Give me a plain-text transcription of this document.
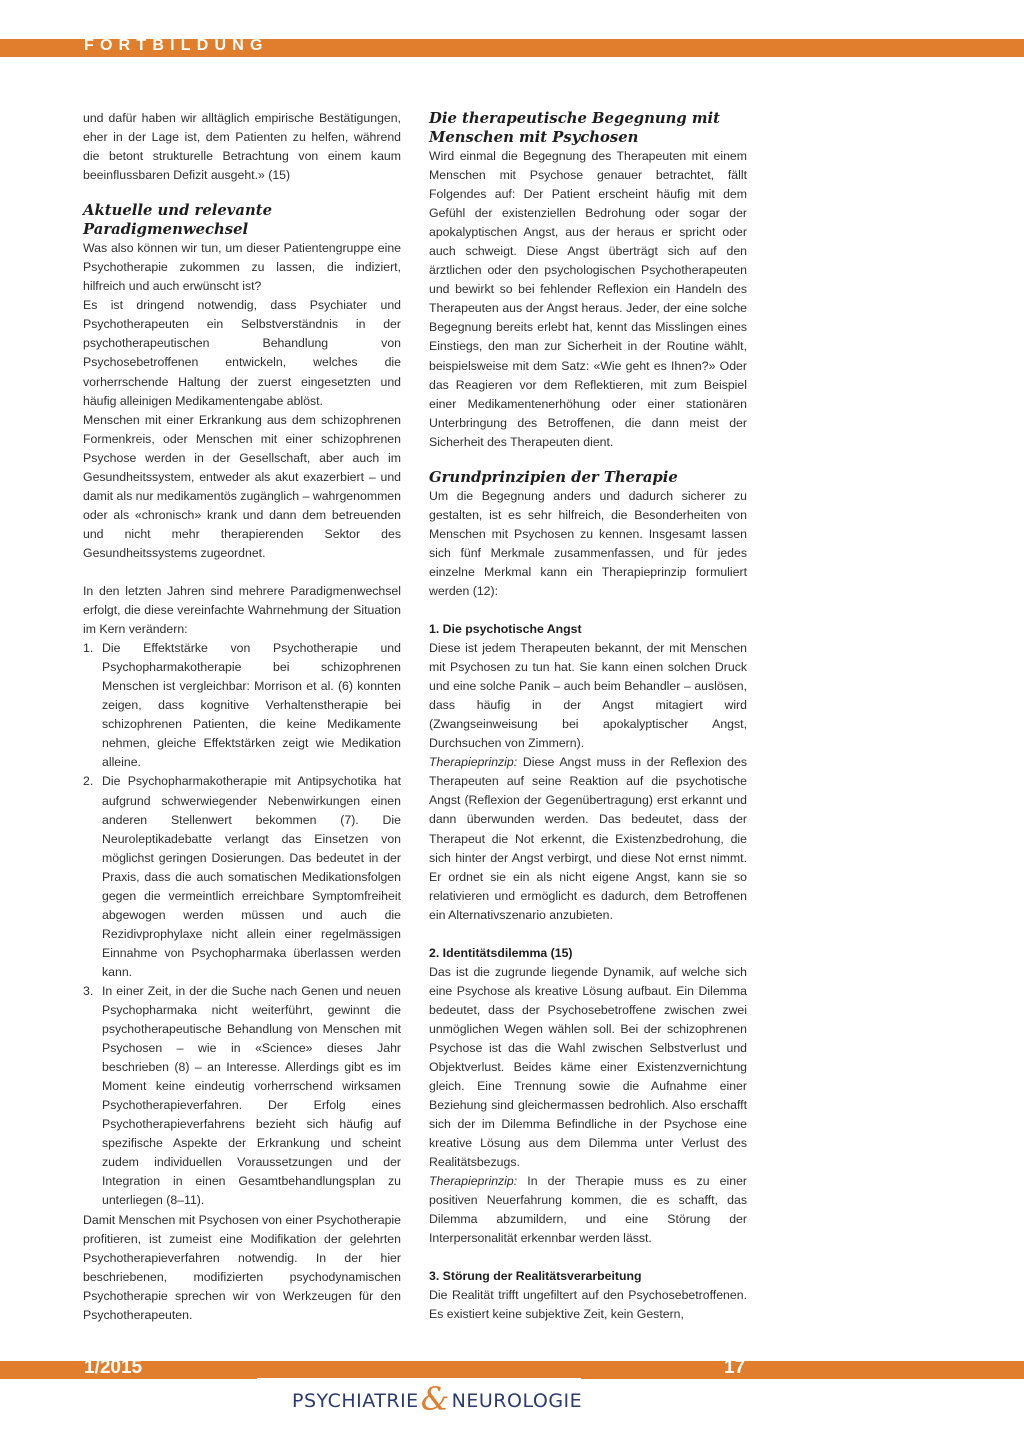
FORTBILDUNG

und dafür haben wir alltäglich empirische Bestätigungen, eher in der Lage ist, dem Patienten zu helfen, während die betont strukturelle Betrachtung von einem kaum beeinflussbaren Defizit ausgeht.» (15)

Aktuelle und relevante Paradigmenwechsel

Was also können wir tun, um dieser Patientengruppe eine Psychotherapie zukommen zu lassen, die indiziert, hilfreich und auch erwünscht ist?

Es ist dringend notwendig, dass Psychiater und Psychotherapeuten ein Selbstverständnis in der psychotherapeutischen Behandlung von Psychosebetroffenen entwickeln, welches die vorherrschende Haltung der zuerst eingesetzten und häufig alleinigen Medikamentengabe ablöst.

Menschen mit einer Erkrankung aus dem schizophrenen Formenkreis, oder Menschen mit einer schizophrenen Psychose werden in der Gesellschaft, aber auch im Gesundheitssystem, entweder als akut exazerbiert – und damit als nur medikamentös zugänglich – wahrgenommen oder als «chronisch» krank und dann dem betreuenden und nicht mehr therapierenden Sektor des Gesundheitssystems zugeordnet.

In den letzten Jahren sind mehrere Paradigmenwechsel erfolgt, die diese vereinfachte Wahrnehmung der Situation im Kern verändern:

1. Die Effektstärke von Psychotherapie und Psychopharmakotherapie bei schizophrenen Menschen ist vergleichbar: Morrison et al. (6) konnten zeigen, dass kognitive Verhaltenstherapie bei schizophrenen Patienten, die keine Medikamente nehmen, gleiche Effektstärken zeigt wie Medikation alleine.
2. Die Psychopharmakotherapie mit Antipsychotika hat aufgrund schwerwiegender Nebenwirkungen einen anderen Stellenwert bekommen (7). Die Neuroleptikadebatte verlangt das Einsetzen von möglichst geringen Dosierungen. Das bedeutet in der Praxis, dass die auch somatischen Medikationsfolgen gegen die vermeintlich erreichbare Symptomfreiheit abgewogen werden müssen und auch die Rezidivprophylaxe nicht allein einer regelmässigen Einnahme von Psychopharmaka überlassen werden kann.
3. In einer Zeit, in der die Suche nach Genen und neuen Psychopharmaka nicht weiterführt, gewinnt die psychotherapeutische Behandlung von Menschen mit Psychosen – wie in «Science» dieses Jahr beschrieben (8) – an Interesse. Allerdings gibt es im Moment keine eindeutig vorherrschend wirksamen Psychotherapieverfahren. Der Erfolg eines Psychotherapieverfahrens bezieht sich häufig auf spezifische Aspekte der Erkrankung und scheint zudem individuellen Voraussetzungen und der Integration in einen Gesamtbehandlungsplan zu unterliegen (8–11).

Damit Menschen mit Psychosen von einer Psychotherapie profitieren, ist zumeist eine Modifikation der gelehrten Psychotherapieverfahren notwendig. In der hier beschriebenen, modifizierten psychodynamischen Psychotherapie sprechen wir von Werkzeugen für den Psychotherapeuten.

Die therapeutische Begegnung mit Menschen mit Psychosen

Wird einmal die Begegnung des Therapeuten mit einem Menschen mit Psychose genauer betrachtet, fällt Folgendes auf: Der Patient erscheint häufig mit dem Gefühl der existenziellen Bedrohung oder sogar der apokalyptischen Angst, aus der heraus er spricht oder auch schweigt. Diese Angst überträgt sich auf den ärztlichen oder den psychologischen Psychotherapeuten und bewirkt so bei fehlender Reflexion ein Handeln des Therapeuten aus der Angst heraus. Jeder, der eine solche Begegnung bereits erlebt hat, kennt das Misslingen eines Einstiegs, den man zur Sicherheit in der Routine wählt, beispielsweise mit dem Satz: «Wie geht es Ihnen?» Oder das Reagieren vor dem Reflektieren, mit zum Beispiel einer Medikamentenerhöhung oder einer stationären Unterbringung des Betroffenen, die dann meist der Sicherheit des Therapeuten dient.

Grundprinzipien der Therapie

Um die Begegnung anders und dadurch sicherer zu gestalten, ist es sehr hilfreich, die Besonderheiten von Menschen mit Psychosen zu kennen. Insgesamt lassen sich fünf Merkmale zusammenfassen, und für jedes einzelne Merkmal kann ein Therapieprinzip formuliert werden (12):

1. Die psychotische Angst

Diese ist jedem Therapeuten bekannt, der mit Menschen mit Psychosen zu tun hat. Sie kann einen solchen Druck und eine solche Panik – auch beim Behandler – auslösen, dass häufig in der Angst mitagiert wird (Zwangseinweisung bei apokalyptischer Angst, Durchsuchen von Zimmern).

Therapieprinzip: Diese Angst muss in der Reflexion des Therapeuten auf seine Reaktion auf die psychotische Angst (Reflexion der Gegenübertragung) erst erkannt und dann überwunden werden. Das bedeutet, dass der Therapeut die Not erkennt, die Existenzbedrohung, die sich hinter der Angst verbirgt, und diese Not ernst nimmt. Er ordnet sie ein als nicht eigene Angst, kann sie so relativieren und ermöglicht es dadurch, dem Betroffenen ein Alternativszenario anzubieten.

2. Identitätsdilemma (15)

Das ist die zugrunde liegende Dynamik, auf welche sich eine Psychose als kreative Lösung aufbaut. Ein Dilemma bedeutet, dass der Psychosebetroffene zwischen zwei unmöglichen Wegen wählen soll. Bei der schizophrenen Psychose ist das die Wahl zwischen Selbstverlust und Objektverlust. Beides käme einer Existenzvernichtung gleich. Eine Trennung sowie die Aufnahme einer Beziehung sind gleichermassen bedrohlich. Also erschafft sich der im Dilemma Befindliche in der Psychose eine kreative Lösung aus dem Dilemma unter Verlust des Realitätsbezugs.

Therapieprinzip: In der Therapie muss es zu einer positiven Neuerfahrung kommen, die es schafft, das Dilemma abzumildern, und eine Störung der Interpersonalität erkennbar werden lässt.

3. Störung der Realitätsverarbeitung

Die Realität trifft ungefiltert auf den Psychosebetroffenen. Es existiert keine subjektive Zeit, kein Gestern,

1/2015	17
PSYCHIATRIE& NEUROLOGIE
